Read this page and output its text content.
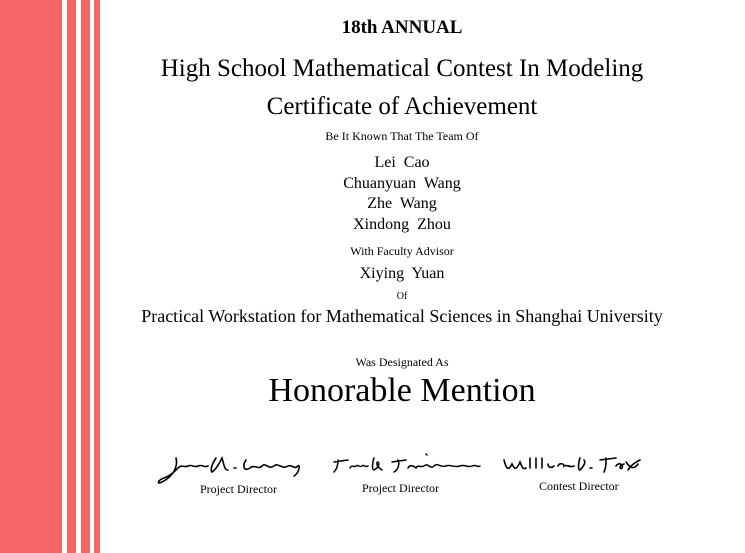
18th ANNUAL
High School Mathematical Contest In Modeling
Certificate of Achievement
Be It Known That The Team Of
Lei  Cao
Chuanyuan  Wang
Zhe  Wang
Xindong  Zhou
With Faculty Advisor
Xiying  Yuan
Of
Practical Workstation for Mathematical Sciences in Shanghai University
Was Designated As
Honorable Mention
Project Director	Project Director	Contest Director
